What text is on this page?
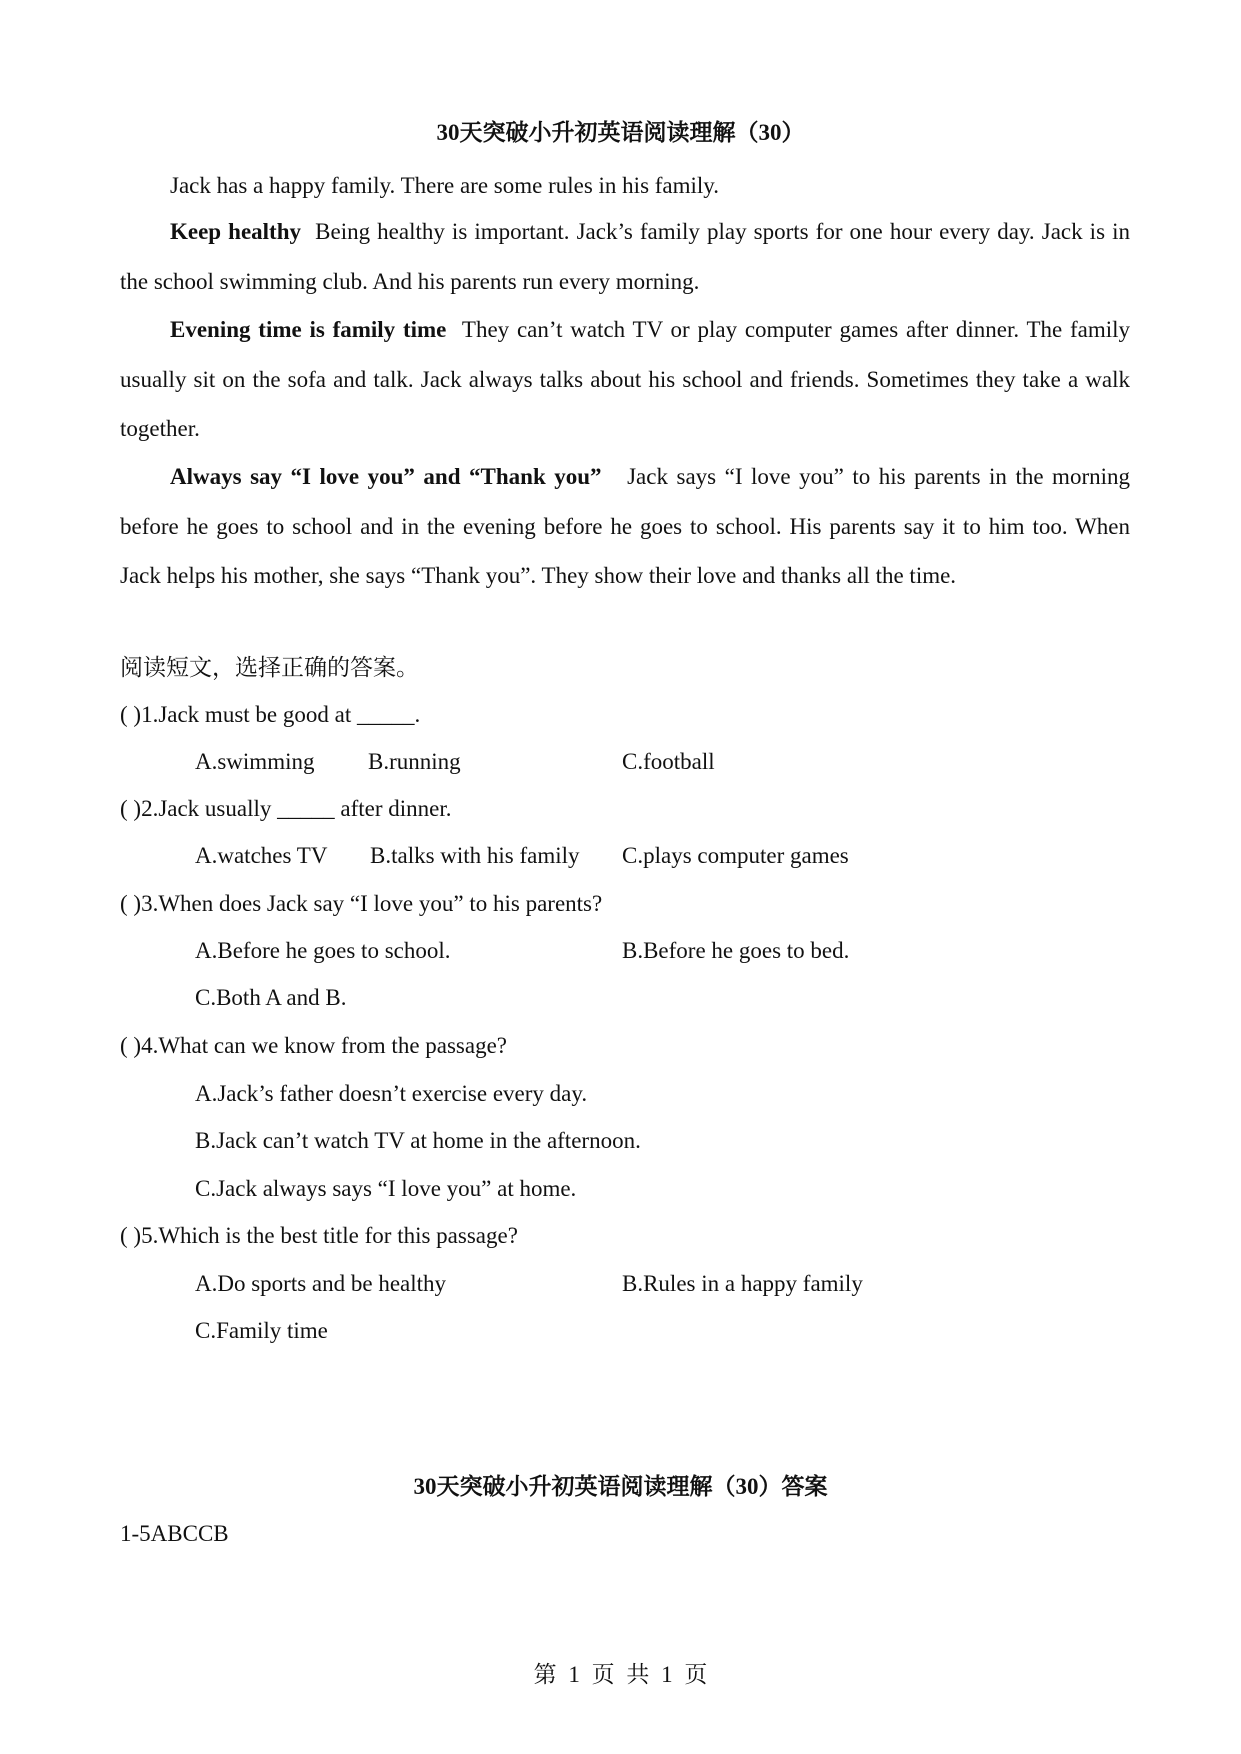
30天突破小升初英语阅读理解（30）
Jack has a happy family. There are some rules in his family.
Keep healthy Being healthy is important. Jack’s family play sports for one hour every day. Jack is in the school swimming club. And his parents run every morning.
Evening time is family time They can’t watch TV or play computer games after dinner. The family usually sit on the sofa and talk. Jack always talks about his school and friends. Sometimes they take a walk together.
Always say “I love you” and “Thank you” Jack says “I love you” to his parents in the morning before he goes to school and in the evening before he goes to school. His parents say it to him too. When Jack helps his mother, she says “Thank you”. They show their love and thanks all the time.
阅读短文，选择正确的答案。
( )1.Jack must be good at _____.
A.swimming B.running	C.football
( )2.Jack usually _____ after dinner.
A.watches TV B.talks with his family C.plays computer games
( )3.When does Jack say “I love you” to his parents?
A.Before he goes to school.	B.Before he goes to bed.
C.Both A and B.
( )4.What can we know from the passage?
A.Jack’s father doesn’t exercise every day.
B.Jack can’t watch TV at home in the afternoon.
C.Jack always says “I love you” at home.
( )5.Which is the best title for this passage?
A.Do sports and be healthy	B.Rules in a happy family
C.Family time
30天突破小升初英语阅读理解（30）答案
1-5ABCCB
第 1 页 共 1 页
